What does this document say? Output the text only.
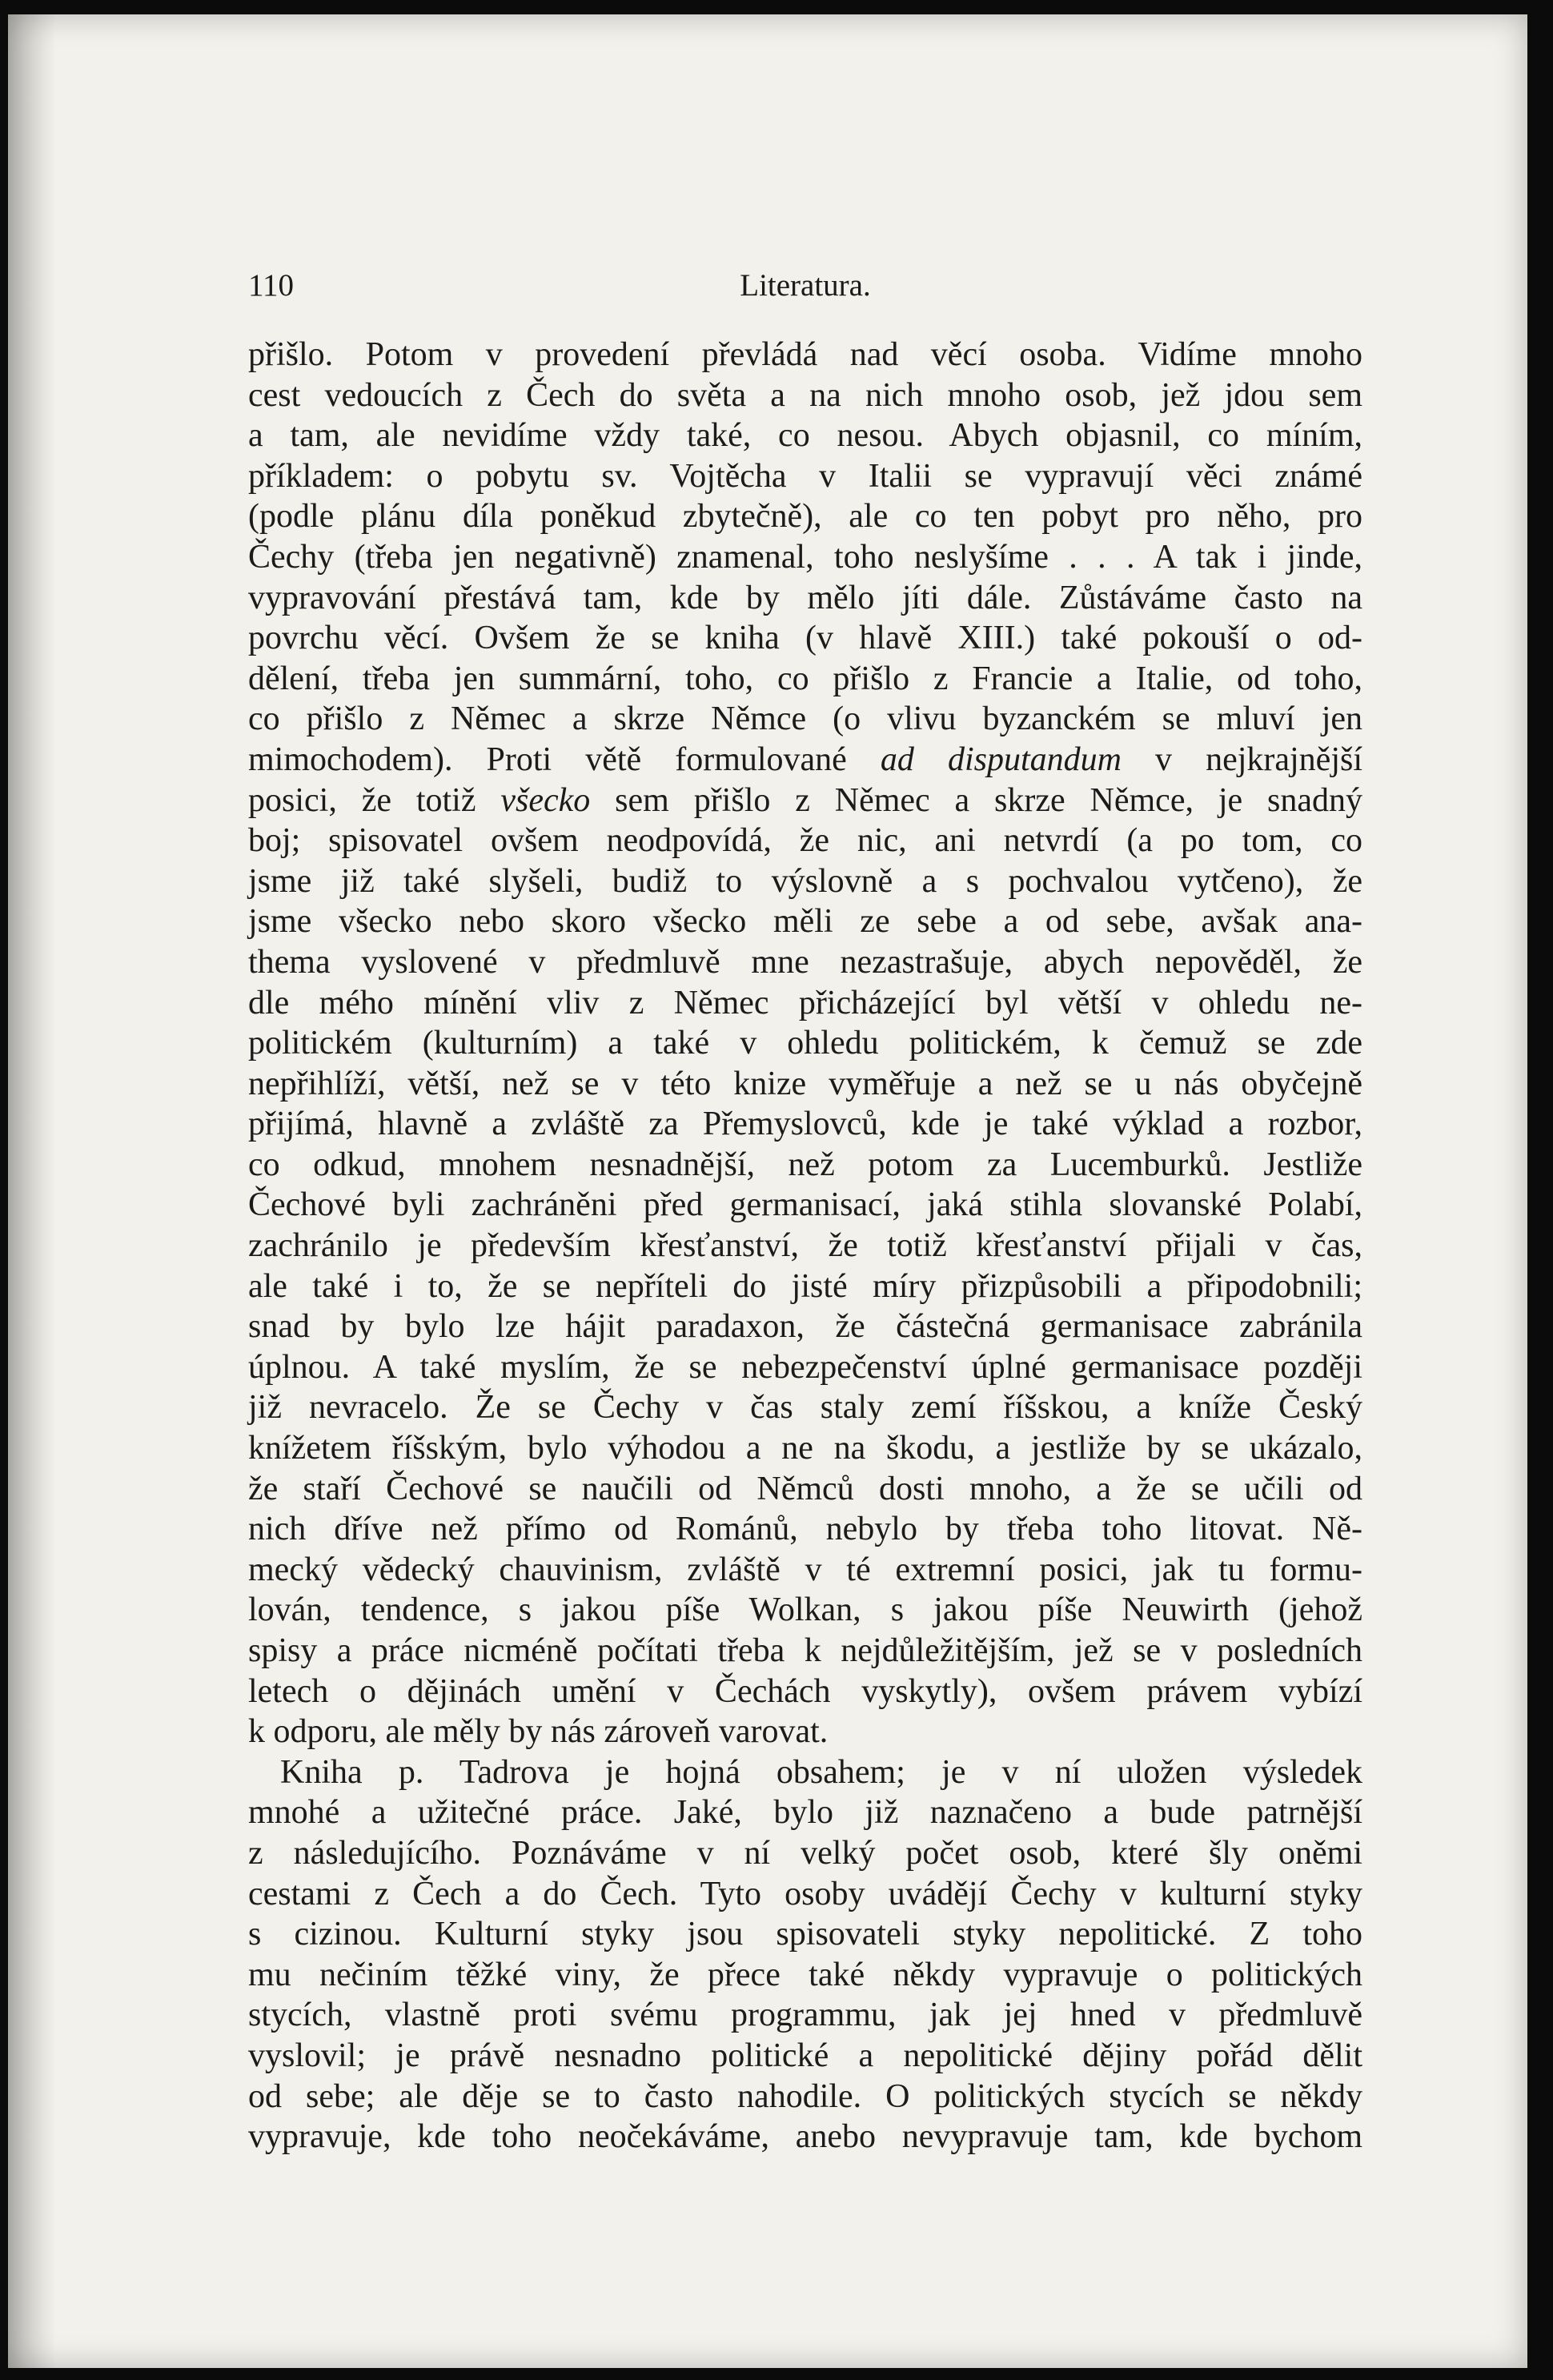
110	Literatura.
přišlo. Potom v provedení převládá nad věcí osoba. Vidíme mnoho
cest vedoucích z Čech do světa a na nich mnoho osob, jež jdou sem
a tam, ale nevidíme vždy také, co nesou. Abych objasnil, co míním,
příkladem: o pobytu sv. Vojtěcha v Italii se vypravují věci známé
(podle plánu díla poněkud zbytečně), ale co ten pobyt pro něho, pro
Čechy (třeba jen negativně) znamenal, toho neslyšíme . . . A tak i jinde,
vypravování přestává tam, kde by mělo jíti dále. Zůstáváme často na
povrchu věcí. Ovšem že se kniha (v hlavě XIII.) také pokouší o od-
dělení, třeba jen summární, toho, co přišlo z Francie a Italie, od toho,
co přišlo z Němec a skrze Němce (o vlivu byzanckém se mluví jen
mimochodem). Proti větě formulované ad disputandum v nejkrajnější
posici, že totiž všecko sem přišlo z Němec a skrze Němce, je snadný
boj; spisovatel ovšem neodpovídá, že nic, ani netvrdí (a po tom, co
jsme již také slyšeli, budiž to výslovně a s pochvalou vytčeno), že
jsme všecko nebo skoro všecko měli ze sebe a od sebe, avšak ana-
thema vyslovené v předmluvě mne nezastrašuje, abych nepověděl, že
dle mého mínění vliv z Němec přicházející byl větší v ohledu ne-
politickém (kulturním) a také v ohledu politickém, k čemuž se zde
nepřihlíží, větší, než se v této knize vyměřuje a než se u nás obyčejně
přijímá, hlavně a zvláště za Přemyslovců, kde je také výklad a rozbor,
co odkud, mnohem nesnadnější, než potom za Lucemburků. Jestliže
Čechové byli zachráněni před germanisací, jaká stihla slovanské Polabí,
zachránilo je především křesťanství, že totiž křesťanství přijali v čas,
ale také i to, že se nepříteli do jisté míry přizpůsobili a připodobnili;
snad by bylo lze hájit paradaxon, že částečná germanisace zabránila
úplnou. A také myslím, že se nebezpečenství úplné germanisace později
již nevracelo. Že se Čechy v čas staly zemí říšskou, a kníže Český
knížetem říšským, bylo výhodou a ne na škodu, a jestliže by se ukázalo,
že staří Čechové se naučili od Němců dosti mnoho, a že se učili od
nich dříve než přímo od Románů, nebylo by třeba toho litovat. Ně-
mecký vědecký chauvinism, zvláště v té extremní posici, jak tu formu-
lován, tendence, s jakou píše Wolkan, s jakou píše Neuwirth (jehož
spisy a práce nicméně počítati třeba k nejdůležitějším, jež se v posledních
letech o dějinách umění v Čechách vyskytly), ovšem právem vybízí
k odporu, ale měly by nás zároveň varovat.
Kniha p. Tadrova je hojná obsahem; je v ní uložen výsledek
mnohé a užitečné práce. Jaké, bylo již naznačeno a bude patrnější
z následujícího. Poznáváme v ní velký počet osob, které šly oněmi
cestami z Čech a do Čech. Tyto osoby uvádějí Čechy v kulturní styky
s cizinou. Kulturní styky jsou spisovateli styky nepolitické. Z toho
mu nečiním těžké viny, že přece také někdy vypravuje o politických
stycích, vlastně proti svému programmu, jak jej hned v předmluvě
vyslovil; je právě nesnadno politické a nepolitické dějiny pořád dělit
od sebe; ale děje se to často nahodile. O politických stycích se někdy
vypravuje, kde toho neočekáváme, anebo nevypravuje tam, kde bychom
